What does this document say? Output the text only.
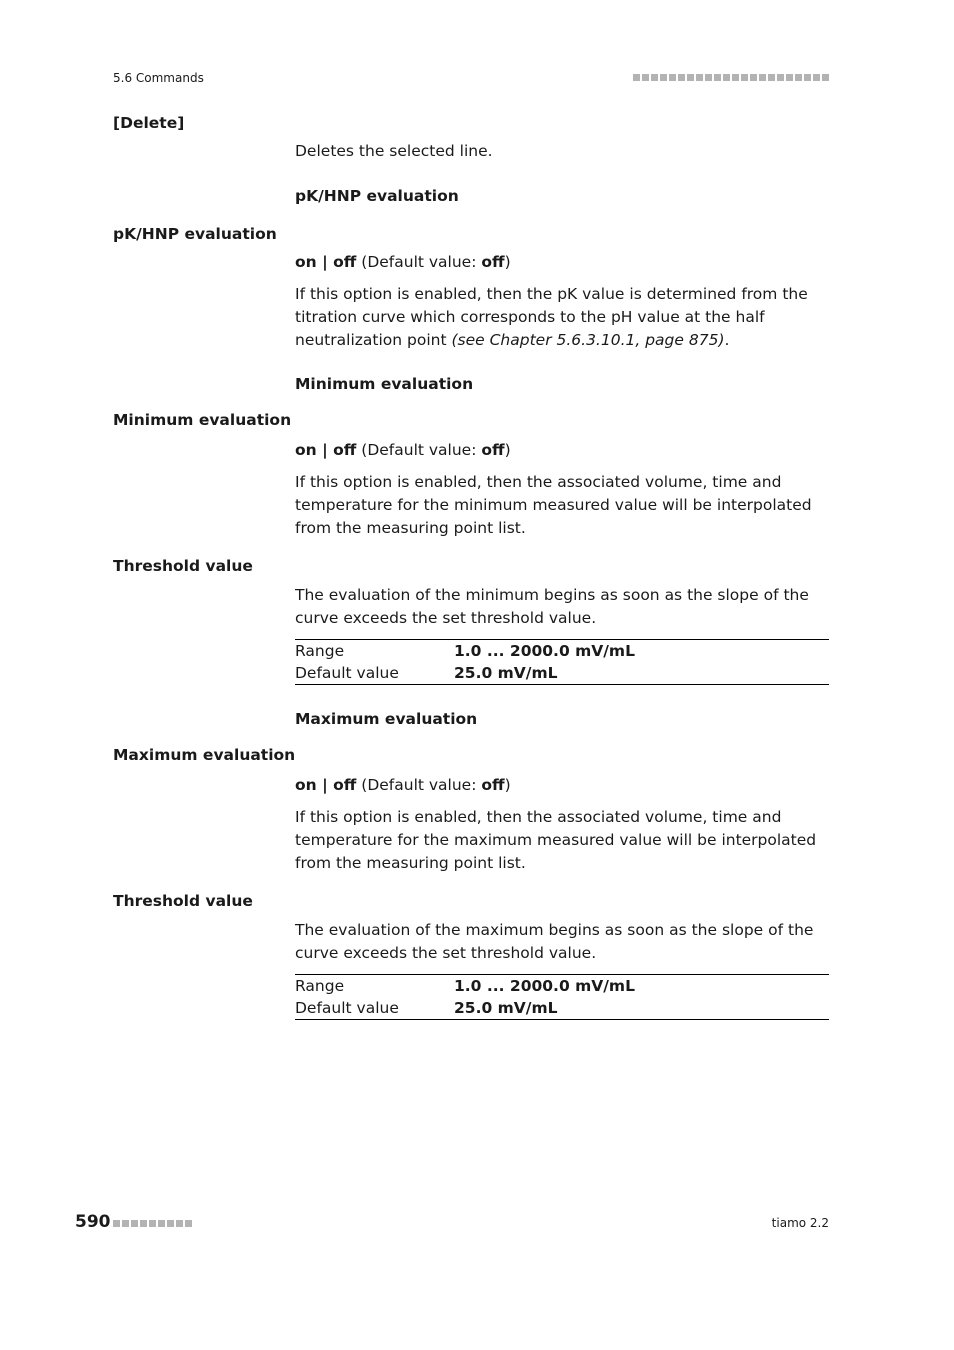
5.6 Commands
[Delete]
Deletes the selected line.
pK/HNP evaluation
pK/HNP evaluation
on | off (Default value: off)
If this option is enabled, then the pK value is determined from the titration curve which corresponds to the pH value at the half neutralization point (see Chapter 5.6.3.10.1, page 875).
Minimum evaluation
Minimum evaluation
on | off (Default value: off)
If this option is enabled, then the associated volume, time and temperature for the minimum measured value will be interpolated from the measuring point list.
Threshold value
The evaluation of the minimum begins as soon as the slope of the curve exceeds the set threshold value.
Range	1.0 ... 2000.0 mV/mL
Default value	25.0 mV/mL
Maximum evaluation
Maximum evaluation
on | off (Default value: off)
If this option is enabled, then the associated volume, time and temperature for the maximum measured value will be interpolated from the measuring point list.
Threshold value
The evaluation of the maximum begins as soon as the slope of the curve exceeds the set threshold value.
Range	1.0 ... 2000.0 mV/mL
Default value	25.0 mV/mL
590	tiamo 2.2
